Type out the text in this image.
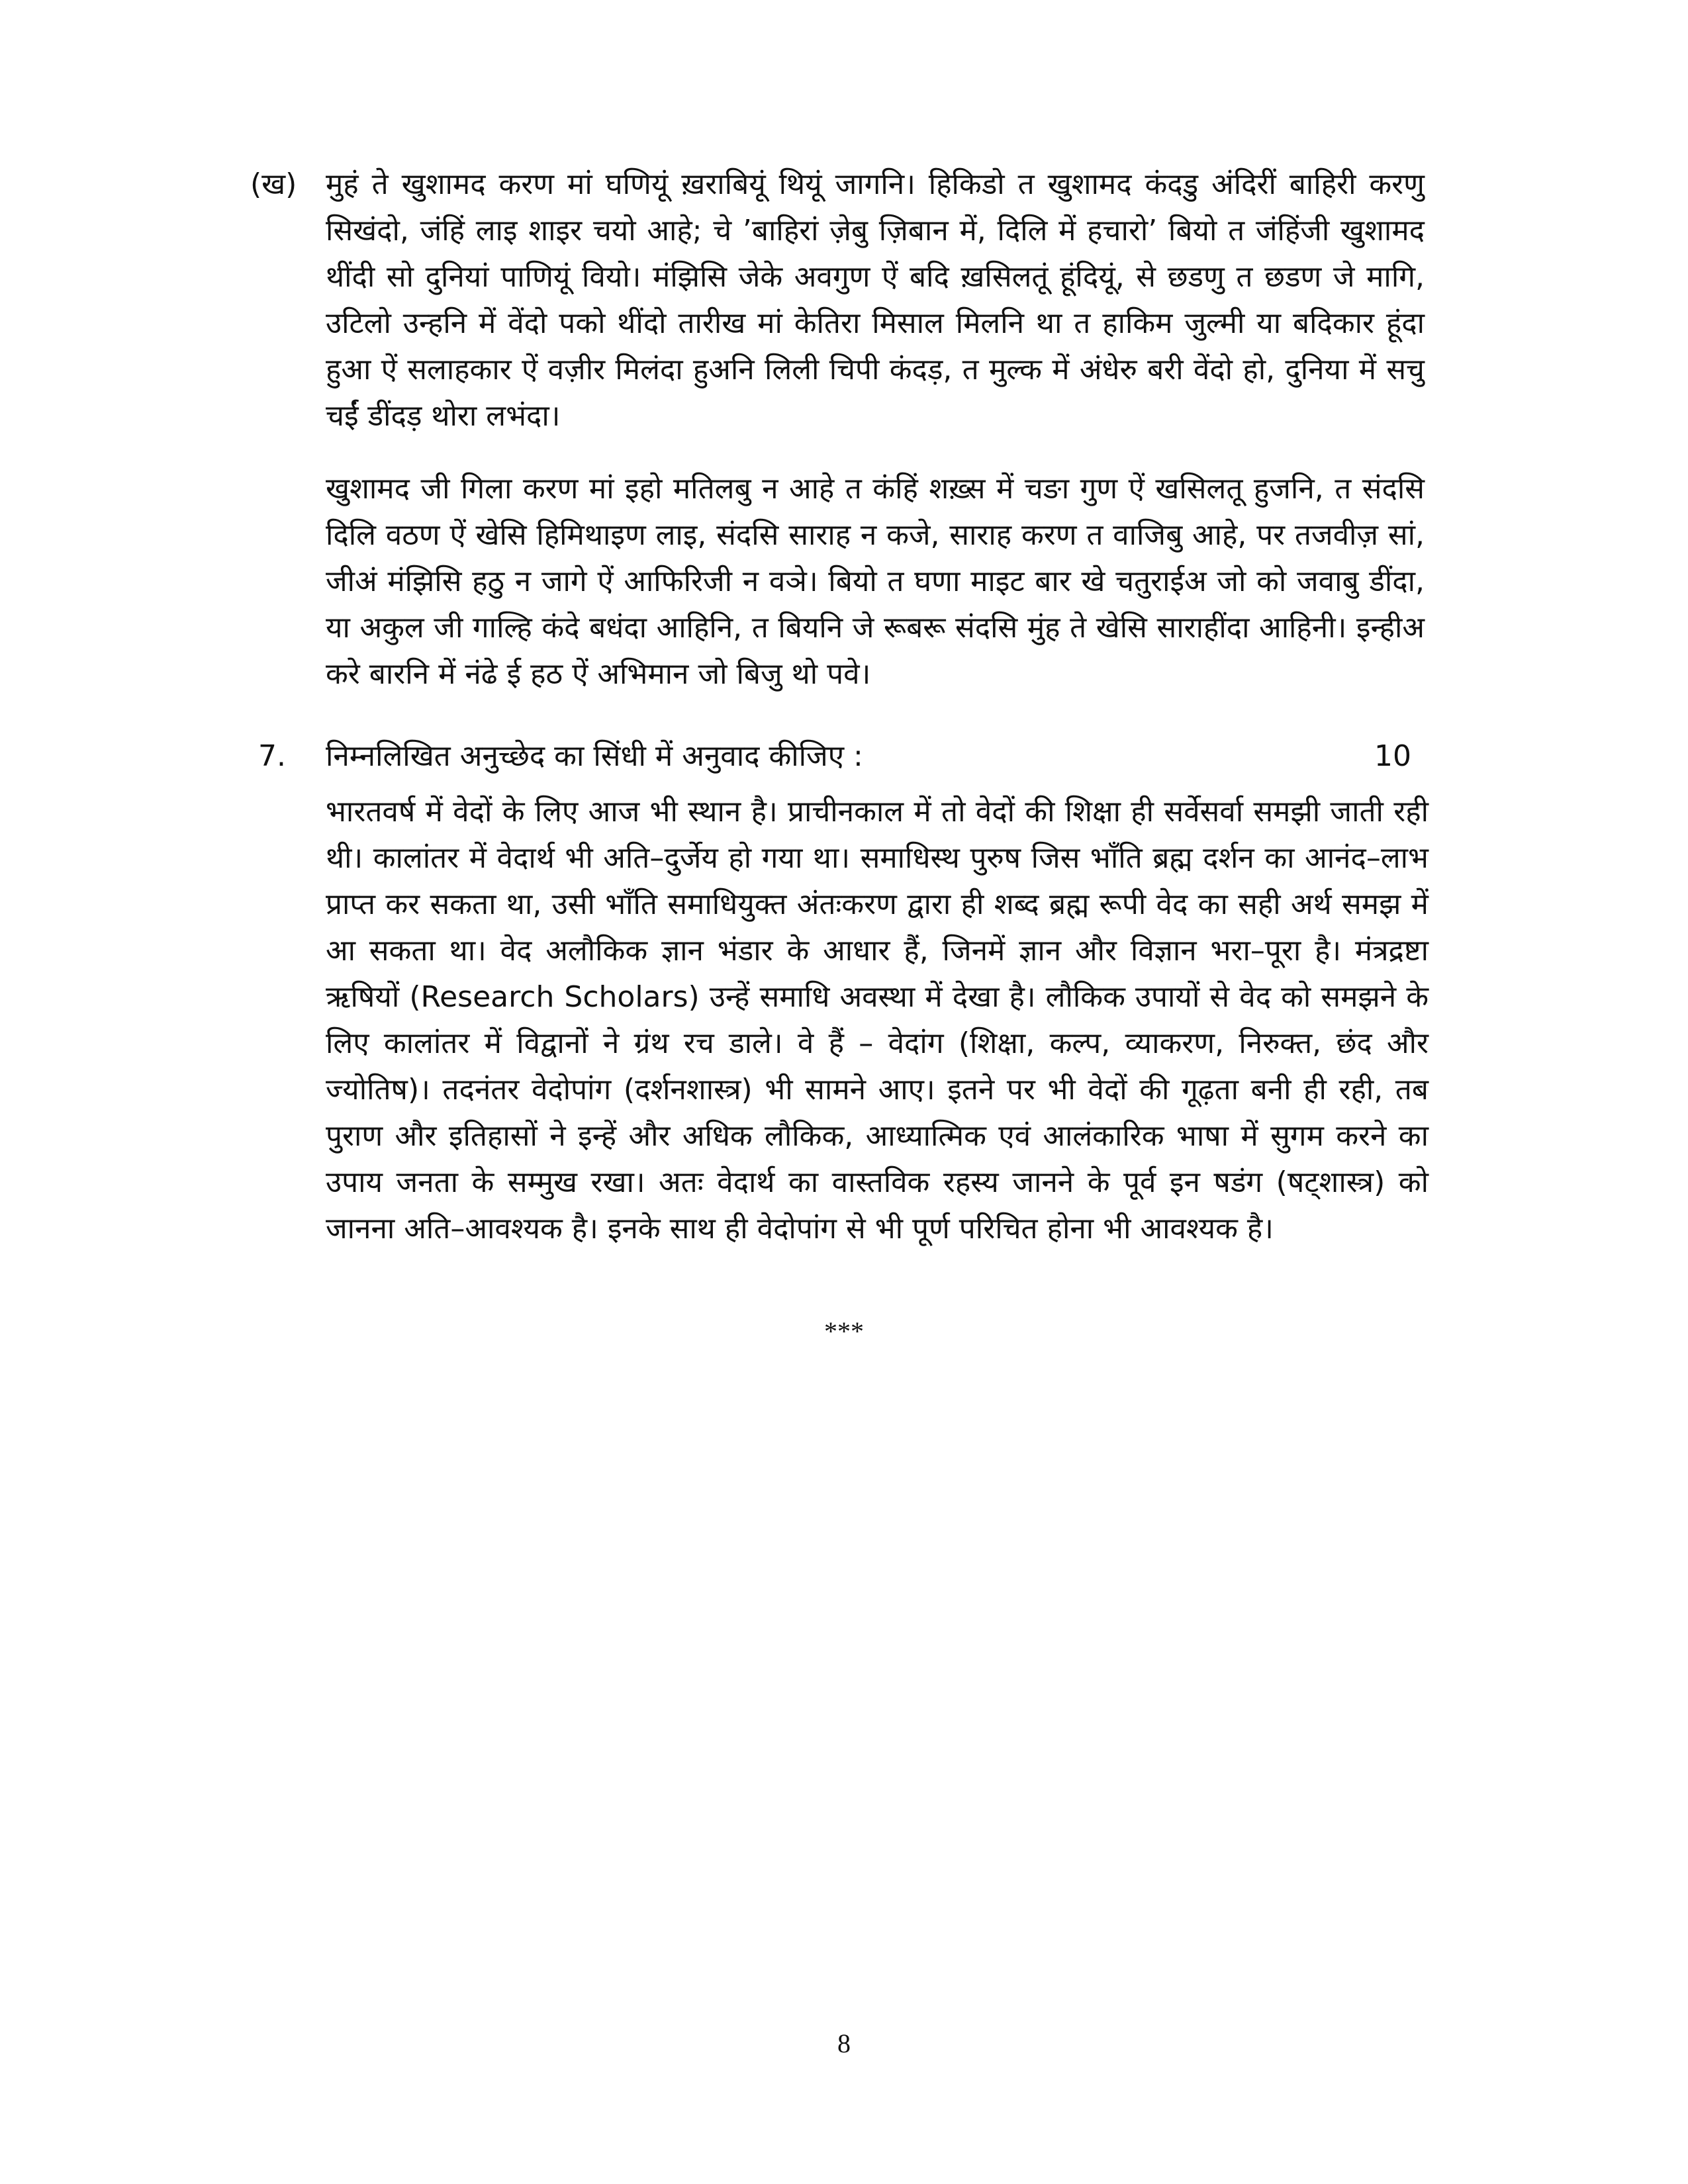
(ख) मुहं ते खुशामद करण मां घणियूं ख़राबियूं थियूं जागनि। हिकिडो त खुशामद कंदडु अंदिरीं बाहिरी करणु सिखंदो, जंहिं लाइ शाइर चयो आहे; चे ’बाहिरां ज़ेबु ज़िबान में, दिलि में हचारो’ बियो त जंहिंजी खुशामद थींदी सो दुनियां पाणियूं वियो। मंझिसि जेके अवगुण ऐं बदि ख़सिलतूं हूंदियूं, से छडणु त छडण जे मागि, उटिलो उन्हनि में वेंदो पको थींदो तारीख मां केतिरा मिसाल मिलनि था त हाकिम जुल्मी या बदिकार हूंदा हुआ ऐं सलाहकार ऐं वज़ीर मिलंदा हुअनि लिली चिपी कंदड़, त मुल्क में अंधेरु बरी वेंदो हो, दुनिया में सचु चईं डींदड़ थोरा लभंदा।

खुशामद जी गिला करण मां इहो मतिलबु न आहे त कंहिं शख़्स में चङा गुण ऐं खसिलतू हुजनि, त संदसि दिलि वठण ऐं खेसि हिमिथाइण लाइ, संदसि साराह न कजे, साराह करण त वाजिबु आहे, पर तजवीज़ सां, जीअं मंझिसि हठु न जागे ऐं आफिरिजी न वञे। बियो त घणा माइट बार खे चतुराईअ जो को जवाबु डींदा, या अकुल जी गाल्हि कंदे बधंदा आहिनि, त बियनि जे रूबरू संदसि मुंह ते खेसि साराहींदा आहिनी। इन्हीअ करे बारनि में नंढे ई हठ ऐं अभिमान जो बिजु थो पवे।

7. निम्नलिखित अनुच्छेद का सिंधी में अनुवाद कीजिए :	10

भारतवर्ष में वेदों के लिए आज भी स्थान है। प्राचीनकाल में तो वेदों की शिक्षा ही सर्वेसर्वा समझी जाती रही थी। कालांतर में वेदार्थ भी अति–दुर्जेय हो गया था। समाधिस्थ पुरुष जिस भाँति ब्रह्म दर्शन का आनंद–लाभ प्राप्त कर सकता था, उसी भाँति समाधियुक्त अंतःकरण द्वारा ही शब्द ब्रह्म रूपी वेद का सही अर्थ समझ में आ सकता था। वेद अलौकिक ज्ञान भंडार के आधार हैं, जिनमें ज्ञान और विज्ञान भरा–पूरा है। मंत्रद्रष्टा ऋषियों (Research Scholars) उन्हें समाधि अवस्था में देखा है। लौकिक उपायों से वेद को समझने के लिए कालांतर में विद्वानों ने ग्रंथ रच डाले। वे हैं – वेदांग (शिक्षा, कल्प, व्याकरण, निरुक्त, छंद और ज्योतिष)। तदनंतर वेदोपांग (दर्शनशास्त्र) भी सामने आए। इतने पर भी वेदों की गूढ़ता बनी ही रही, तब पुराण और इतिहासों ने इन्हें और अधिक लौकिक, आध्यात्मिक एवं आलंकारिक भाषा में सुगम करने का उपाय जनता के सम्मुख रखा। अतः वेदार्थ का वास्तविक रहस्य जानने के पूर्व इन षडंग (षट्शास्त्र) को जानना अति–आवश्यक है। इनके साथ ही वेदोपांग से भी पूर्ण परिचित होना भी आवश्यक है।

***
8
